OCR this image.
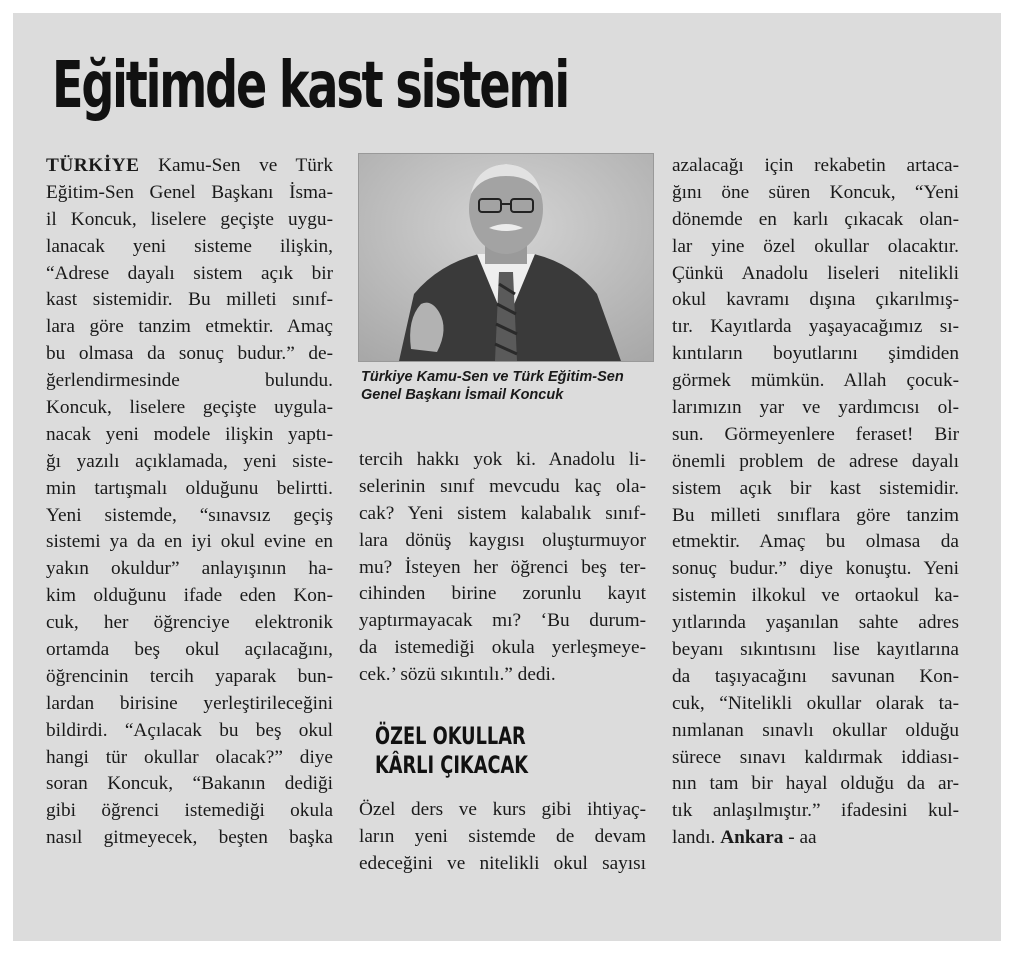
Eğitimde kast sistemi
TÜRKİYE Kamu-Sen ve Türk
Eğitim-Sen Genel Başkanı İsma-
il Koncuk, liselere geçişte uygu-
lanacak yeni sisteme ilişkin,
“Adrese dayalı sistem açık bir
kast sistemidir. Bu milleti sınıf-
lara göre tanzim etmektir. Amaç
bu olmasa da sonuç budur.” de-
ğerlendirmesinde bulundu.
Koncuk, liselere geçişte uygula-
nacak yeni modele ilişkin yaptı-
ğı yazılı açıklamada, yeni siste-
min tartışmalı olduğunu belirtti.
Yeni sistemde, “sınavsız geçiş
sistemi ya da en iyi okul evine en
yakın okuldur” anlayışının ha-
kim olduğunu ifade eden Kon-
cuk, her öğrenciye elektronik
ortamda beş okul açılacağını,
öğrencinin tercih yaparak bun-
lardan birisine yerleştirileceğini
bildirdi. “Açılacak bu beş okul
hangi tür okullar olacak?” diye
soran Koncuk, “Bakanın dediği
gibi öğrenci istemediği okula
nasıl gitmeyecek, beşten başka

Türkiye Kamu-Sen ve Türk Eğitim-Sen
Genel Başkanı İsmail Koncuk

tercih hakkı yok ki. Anadolu li-
selerinin sınıf mevcudu kaç ola-
cak? Yeni sistem kalabalık sınıf-
lara dönüş kaygısı oluşturmuyor
mu? İsteyen her öğrenci beş ter-
cihinden birine zorunlu kayıt
yaptırmayacak mı? ‘Bu durum-
da istemediği okula yerleşmeye-
cek.’ sözü sıkıntılı.” dedi.
ÖZEL OKULLAR
KÂRLI ÇIKACAK
Özel ders ve kurs gibi ihtiyaç-
ların yeni sistemde de devam
edeceğini ve nitelikli okul sayısı
azalacağı için rekabetin artaca-
ğını öne süren Koncuk, “Yeni
dönemde en karlı çıkacak olan-
lar yine özel okullar olacaktır.
Çünkü Anadolu liseleri nitelikli
okul kavramı dışına çıkarılmış-
tır. Kayıtlarda yaşayacağımız sı-
kıntıların boyutlarını şimdiden
görmek mümkün. Allah çocuk-
larımızın yar ve yardımcısı ol-
sun. Görmeyenlere feraset! Bir
önemli problem de adrese dayalı
sistem açık bir kast sistemidir.
Bu milleti sınıflara göre tanzim
etmektir. Amaç bu olmasa da
sonuç budur.” diye konuştu. Yeni
sistemin ilkokul ve ortaokul ka-
yıtlarında yaşanılan sahte adres
beyanı sıkıntısını lise kayıtlarına
da taşıyacağını savunan Kon-
cuk, “Nitelikli okullar olarak ta-
nımlanan sınavlı okullar olduğu
sürece sınavı kaldırmak iddiası-
nın tam bir hayal olduğu da ar-
tık anlaşılmıştır.” ifadesini kul-
landı. Ankara - aa
